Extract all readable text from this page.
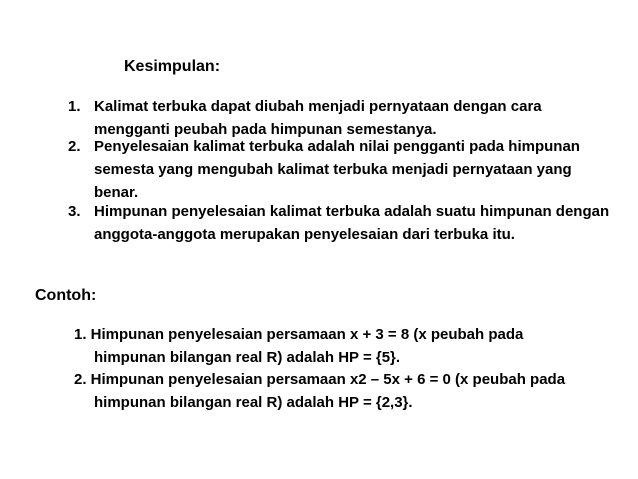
Kesimpulan:
1. Kalimat terbuka dapat diubah menjadi pernyataan dengan cara
mengganti peubah pada himpunan semestanya.
2. Penyelesaian kalimat terbuka adalah nilai pengganti pada himpunan
semesta yang mengubah kalimat terbuka menjadi pernyataan yang
benar.
3. Himpunan penyelesaian kalimat terbuka adalah suatu himpunan dengan
anggota-anggota merupakan penyelesaian dari terbuka itu.
Contoh:
1. Himpunan penyelesaian persamaan x + 3 = 8 (x peubah pada
himpunan bilangan real R) adalah HP = {5}.
2. Himpunan penyelesaian persamaan x2 – 5x + 6 = 0 (x peubah pada
himpunan bilangan real R) adalah HP = {2,3}.
